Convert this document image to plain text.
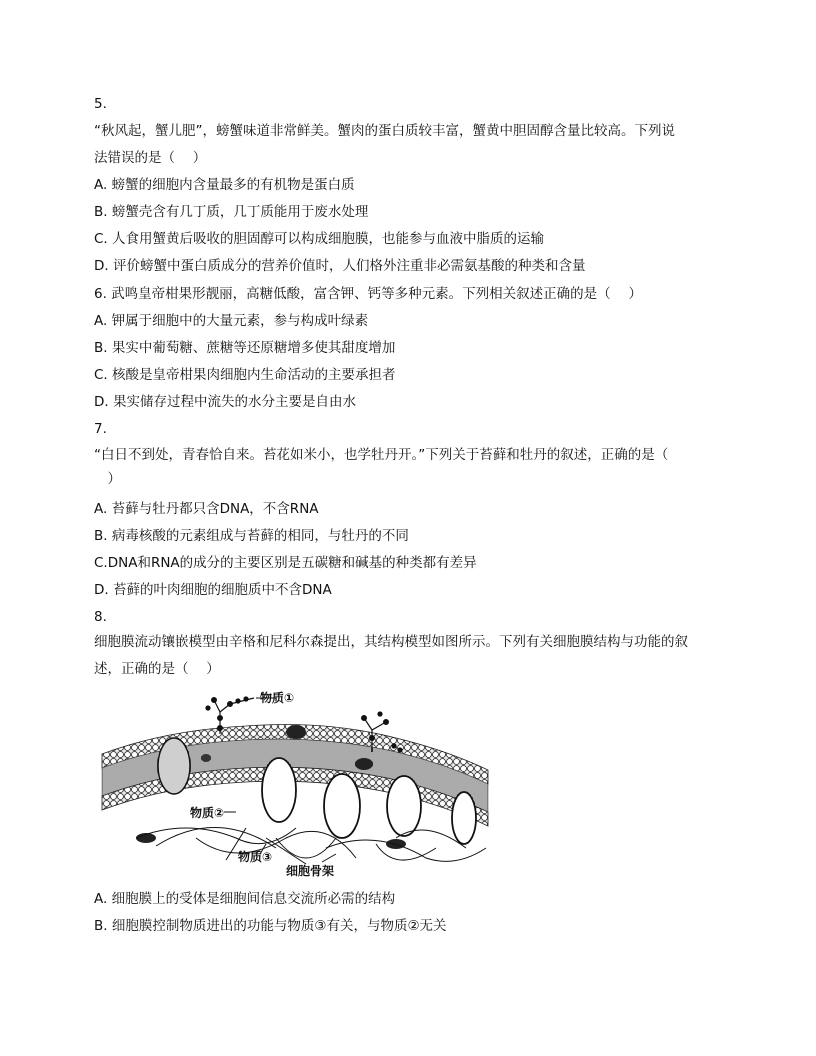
5.
“秋风起，蟹儿肥”，螃蟹味道非常鲜美。蟹肉的蛋白质较丰富，蟹黄中胆固醇含量比较高。下列说
法错误的是（　 ）
A. 螃蟹的细胞内含量最多的有机物是蛋白质
B. 螃蟹壳含有几丁质，几丁质能用于废水处理
C. 人食用蟹黄后吸收的胆固醇可以构成细胞膜，也能参与血液中脂质的运输
D. 评价螃蟹中蛋白质成分的营养价值时，人们格外注重非必需氨基酸的种类和含量
6. 武鸣皇帝柑果形靓丽，高糖低酸，富含钾、钙等多种元素。下列相关叙述正确的是（　 ）
A. 钾属于细胞中的大量元素，参与构成叶绿素
B. 果实中葡萄糖、蔗糖等还原糖增多使其甜度增加
C. 核酸是皇帝柑果肉细胞内生命活动的主要承担者
D. 果实储存过程中流失的水分主要是自由水
7.
“白日不到处，青春恰自来。苔花如米小，也学牡丹开。”下列关于苔藓和牡丹的叙述，正确的是（
　）
A. 苔藓与牡丹都只含DNA，不含RNA
B. 病毒核酸的元素组成与苔藓的相同，与牡丹的不同
C.DNA和RNA的成分的主要区别是五碳糖和碱基的种类都有差异
D. 苔藓的叶肉细胞的细胞质中不含DNA
8.
细胞膜流动镶嵌模型由辛格和尼科尔森提出，其结构模型如图所示。下列有关细胞膜结构与功能的叙
述，正确的是（　 ）
物质①
物质②
物质③
细胞骨架
A. 细胞膜上的受体是细胞间信息交流所必需的结构
B. 细胞膜控制物质进出的功能与物质③有关，与物质②无关
